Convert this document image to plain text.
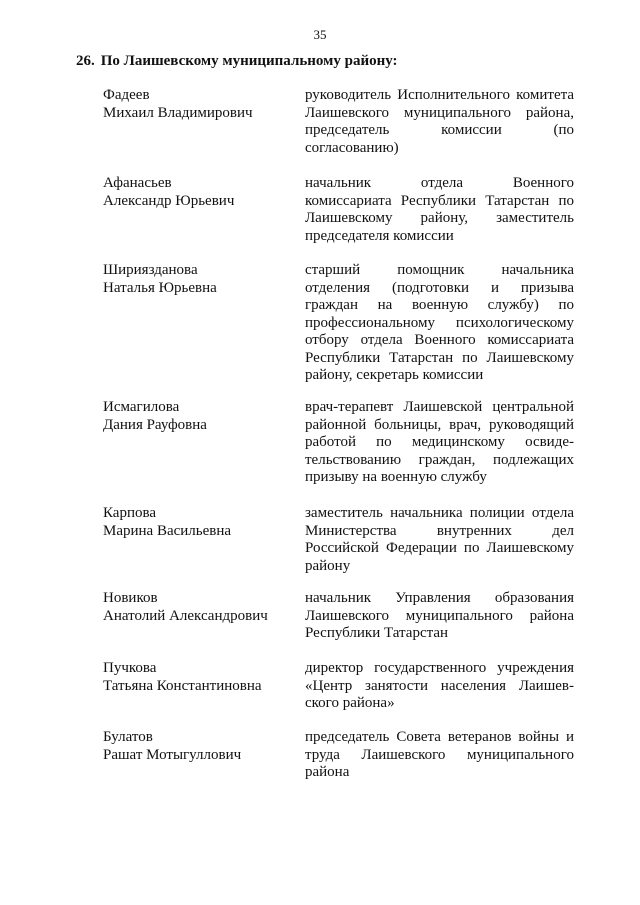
35
26. По Лаишевскому муниципальному району:
Фадеев
Михаил Владимирович
руководитель Исполнительного комитета
Лаишевского муниципального района,
председатель комиссии (по
согласованию)
Афанасьев
Александр Юрьевич
начальник отдела Военного
комиссариата Республики Татарстан по
Лаишевскому району, заместитель
председателя комиссии
Шириязданова
Наталья Юрьевна
старший помощник начальника
отделения (подготовки и призыва
граждан на военную службу) по
профессиональному психологическому
отбору отдела Военного комиссариата
Республики Татарстан по Лаишевскому
району, секретарь комиссии
Исмагилова
Дания Рауфовна
врач-терапевт Лаишевской центральной
районной больницы, врач, руководящий
работой по медицинскому освиде-
тельствованию граждан, подлежащих
призыву на военную службу
Карпова
Марина Васильевна
заместитель начальника полиции отдела
Министерства внутренних дел
Российской Федерации по Лаишевскому
району
Новиков
Анатолий Александрович
начальник Управления образования
Лаишевского муниципального района
Республики Татарстан
Пучкова
Татьяна Константиновна
директор государственного учреждения
«Центр занятости населения Лаишев-
ского района»
Булатов
Рашат Мотыгуллович
председатель Совета ветеранов войны и
труда Лаишевского муниципального
района
